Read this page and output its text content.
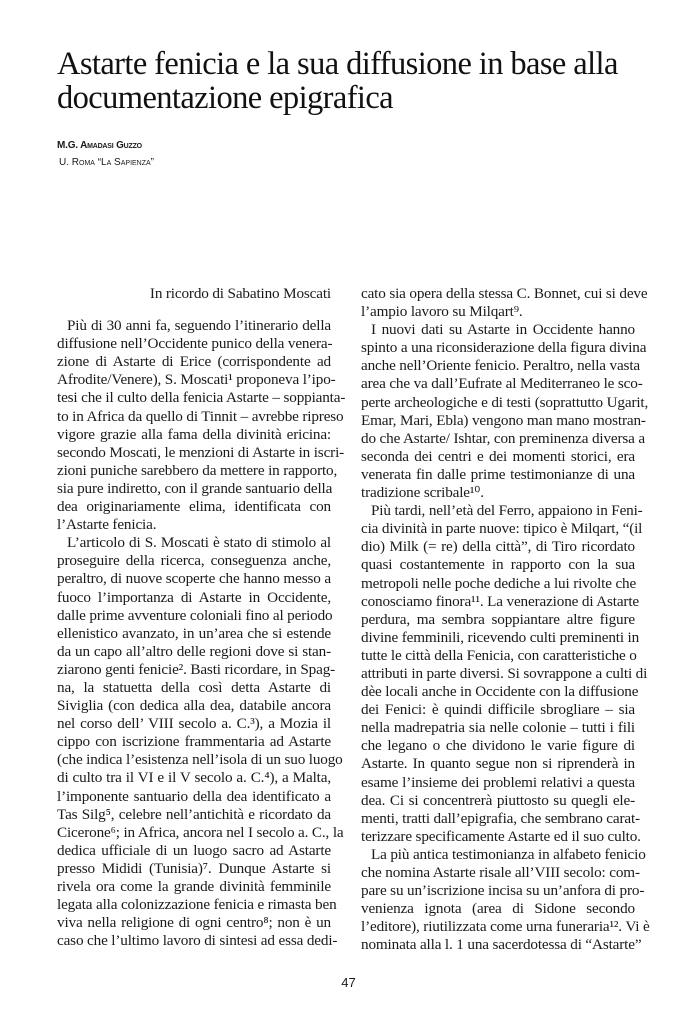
Astarte fenicia e la sua diffusione in base alla
documentazione epigrafica
M.G. Amadasi Guzzo
U. Roma “La Sapienza”
In ricordo di Sabatino Moscati
Più di 30 anni fa, seguendo l’itinerario della
diffusione nell’Occidente punico della venera-
zione di Astarte di Erice (corrispondente ad
Afrodite/Venere), S. Moscati¹ proponeva l’ipo-
tesi che il culto della fenicia Astarte – soppianta-
to in Africa da quello di Tinnit – avrebbe ripreso
vigore grazie alla fama della divinità ericina:
secondo Moscati, le menzioni di Astarte in iscri-
zioni puniche sarebbero da mettere in rapporto,
sia pure indiretto, con il grande santuario della
dea originariamente elima, identificata con
l’Astarte fenicia.
L’articolo di S. Moscati è stato di stimolo al
proseguire della ricerca, conseguenza anche,
peraltro, di nuove scoperte che hanno messo a
fuoco l’importanza di Astarte in Occidente,
dalle prime avventure coloniali fino al periodo
ellenistico avanzato, in un’area che si estende
da un capo all’altro delle regioni dove si stan-
ziarono genti fenicie². Basti ricordare, in Spag-
na, la statuetta della così detta Astarte di
Siviglia (con dedica alla dea, databile ancora
nel corso dell’ VIII secolo a. C.³), a Mozia il
cippo con iscrizione frammentaria ad Astarte
(che indica l’esistenza nell’isola di un suo luogo
di culto tra il VI e il V secolo a. C.⁴), a Malta,
l’imponente santuario della dea identificato a
Tas Silg⁵, celebre nell’antichità e ricordato da
Cicerone⁶; in Africa, ancora nel I secolo a. C., la
dedica ufficiale di un luogo sacro ad Astarte
presso Mididi (Tunisia)⁷. Dunque Astarte si
rivela ora come la grande divinità femminile
legata alla colonizzazione fenicia e rimasta ben
viva nella religione di ogni centro⁸; non è un
caso che l’ultimo lavoro di sintesi ad essa dedi-
cato sia opera della stessa C. Bonnet, cui si deve
l’ampio lavoro su Milqart⁹.
I nuovi dati su Astarte in Occidente hanno
spinto a una riconsiderazione della figura divina
anche nell’Oriente fenicio. Peraltro, nella vasta
area che va dall’Eufrate al Mediterraneo le sco-
perte archeologiche e di testi (soprattutto Ugarit,
Emar, Mari, Ebla) vengono man mano mostran-
do che Astarte/ Ishtar, con preminenza diversa a
seconda dei centri e dei momenti storici, era
venerata fin dalle prime testimonianze di una
tradizione scribale¹⁰.
Più tardi, nell’età del Ferro, appaiono in Feni-
cia divinità in parte nuove: tipico è Milqart, “(il
dio) Milk (= re) della città”, di Tiro ricordato
quasi costantemente in rapporto con la sua
metropoli nelle poche dediche a lui rivolte che
conosciamo finora¹¹. La venerazione di Astarte
perdura, ma sembra soppiantare altre figure
divine femminili, ricevendo culti preminenti in
tutte le città della Fenicia, con caratteristiche o
attributi in parte diversi. Si sovrappone a culti di
dèe locali anche in Occidente con la diffusione
dei Fenici: è quindi difficile sbrogliare – sia
nella madrepatria sia nelle colonie – tutti i fili
che legano o che dividono le varie figure di
Astarte. In quanto segue non si riprenderà in
esame l’insieme dei problemi relativi a questa
dea. Ci si concentrerà piuttosto su quegli ele-
menti, tratti dall’epigrafia, che sembrano carat-
terizzare specificamente Astarte ed il suo culto.
La più antica testimonianza in alfabeto fenicio
che nomina Astarte risale all’VIII secolo: com-
pare su un’iscrizione incisa su un’anfora di pro-
venienza ignota (area di Sidone secondo
l’editore), riutilizzata come urna funeraria¹². Vi è
nominata alla l. 1 una sacerdotessa di “Astarte”
47
